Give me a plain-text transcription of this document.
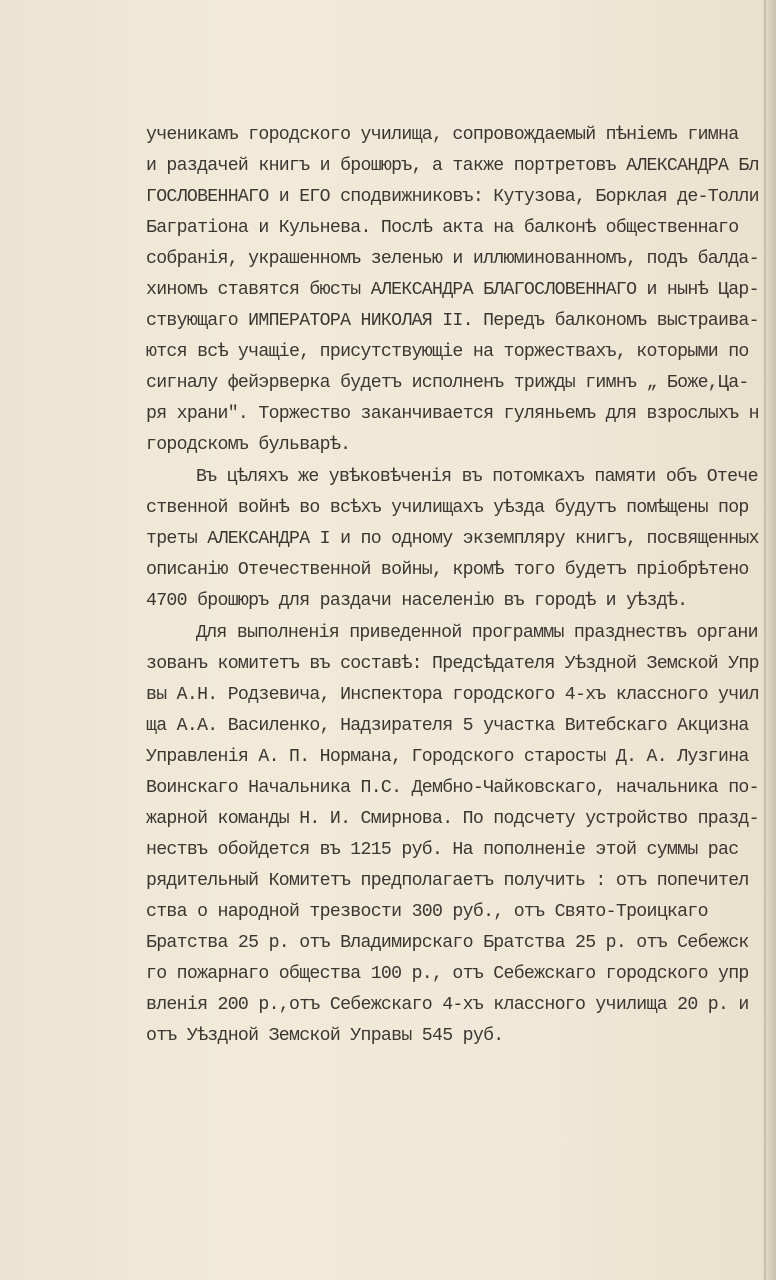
ученикамъ городского училища, сопровождаемый пѣніемъ гимна
и раздачей книгъ и брошюръ, а также портретовъ АЛЕКСАНДРА Бл
ГОСЛОВЕННАГО и ЕГО сподвижниковъ: Кутузова, Борклая де-Толли
Багратіона и Кульнева. Послѣ акта на балконѣ общественнаго
собранія, украшенномъ зеленью и иллюминованномъ, подъ балда-
хиномъ ставятся бюсты АЛЕКСАНДРА БЛАГОСЛОВЕННАГО и нынѣ Цар-
ствующаго ИМПЕРАТОРА НИКОЛАЯ II. Передъ балкономъ выстраива-
ются всѣ учащіе, присутствующіе на торжествахъ, которыми по
сигналу фейэрверка будетъ исполненъ трижды гимнъ „ Боже,Ца-
ря храни". Торжество заканчивается гуляньемъ для взрослыхъ н
городскомъ бульварѣ.
Въ цѣляхъ же увѣковѣченія въ потомкахъ памяти объ Отече
ственной войнѣ во всѣхъ училищахъ уѣзда будутъ помѣщены пор
треты АЛЕКСАНДРА I и по одному экземпляру книгъ, посвященных
описанію Отечественной войны, кромѣ того будетъ пріобрѣтено
4700 брошюръ для раздачи населенію въ городѣ и уѣздѣ.
Для выполненія приведенной программы празднествъ органи
зованъ комитетъ въ составѣ: Предсѣдателя Уѣздной Земской Упр
вы А.Н. Родзевича, Инспектора городского 4-хъ классного учил
ща А.А. Василенко, Надзирателя 5 участка Витебскаго Акцизна
Управленія А. П. Нормана, Городского старосты Д. А. Лузгина
Воинскаго Начальника П.С. Дембно-Чайковскаго, начальника по-
жарной команды Н. И. Смирнова. По подсчету устройство празд-
нествъ обойдется въ 1215 руб. На пополненіе этой суммы рас
рядительный Комитетъ предполагаетъ получить : отъ попечител
ства о народной трезвости 300 руб., отъ Свято-Троицкаго
Братства 25 р. отъ Владимирскаго Братства 25 р. отъ Себежск
го пожарнаго общества 100 р., отъ Себежскаго городского упр
вленія 200 р.,отъ Себежскаго 4-хъ классного училища 20 р. и
отъ Уѣздной Земской Управы 545 руб.
